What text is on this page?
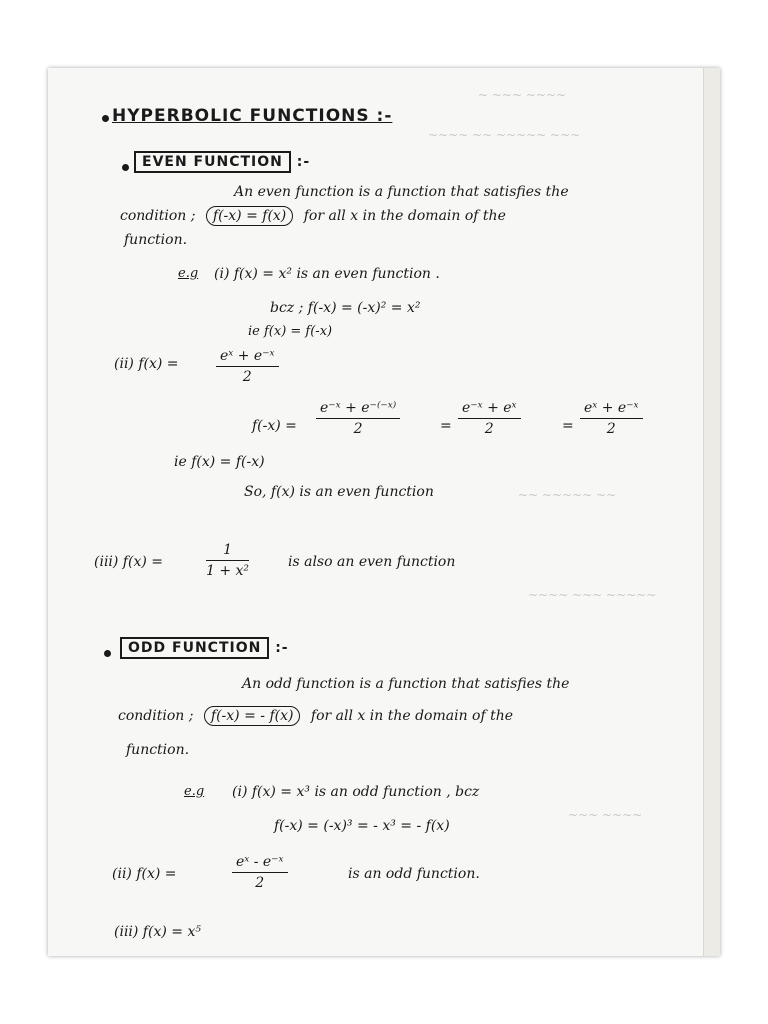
~ ~~~ ~~~~
~~~~ ~~ ~~~~~ ~~~
~~ ~~~~~ ~~
~~~~ ~~~ ~~~~~
~~~ ~~~~
HYPERBOLIC FUNCTIONS :-
EVEN FUNCTION :-
An even function is a function that satisfies the
condition ; f(-x) = f(x) for all x in the domain of the
function.
e.g (i) f(x) = x² is an even function .
bcz ; f(-x) = (-x)² = x²
ie f(x) = f(-x)
(ii) f(x) =	$\frac{\text{eˣ + e⁻ˣ}}{2}$
$f(-x) = \frac{\text{e⁻ˣ + e⁻⁽⁻ˣ⁾}}{2}$	= $\frac{\text{e⁻ˣ + eˣ}}{2}$	= $\frac{\text{eˣ + e⁻ˣ}}{2}$
ie f(x) = f(-x)
So, f(x) is an even function
(iii) f(x) =	$\frac{1}{\text{1 + x²}}$	is also an even function
ODD FUNCTION :-
An odd function is a function that satisfies the
condition ; f(-x) = - f(x) for all x in the domain of the
function.
e.g (i) f(x) = x³ is an odd function , bcz
f(-x) = (-x)³ = - x³ = - f(x)
(ii) f(x) =	$\frac{\text{eˣ - e⁻ˣ}}{2}$	is an odd function.
(iii) f(x) = x⁵
